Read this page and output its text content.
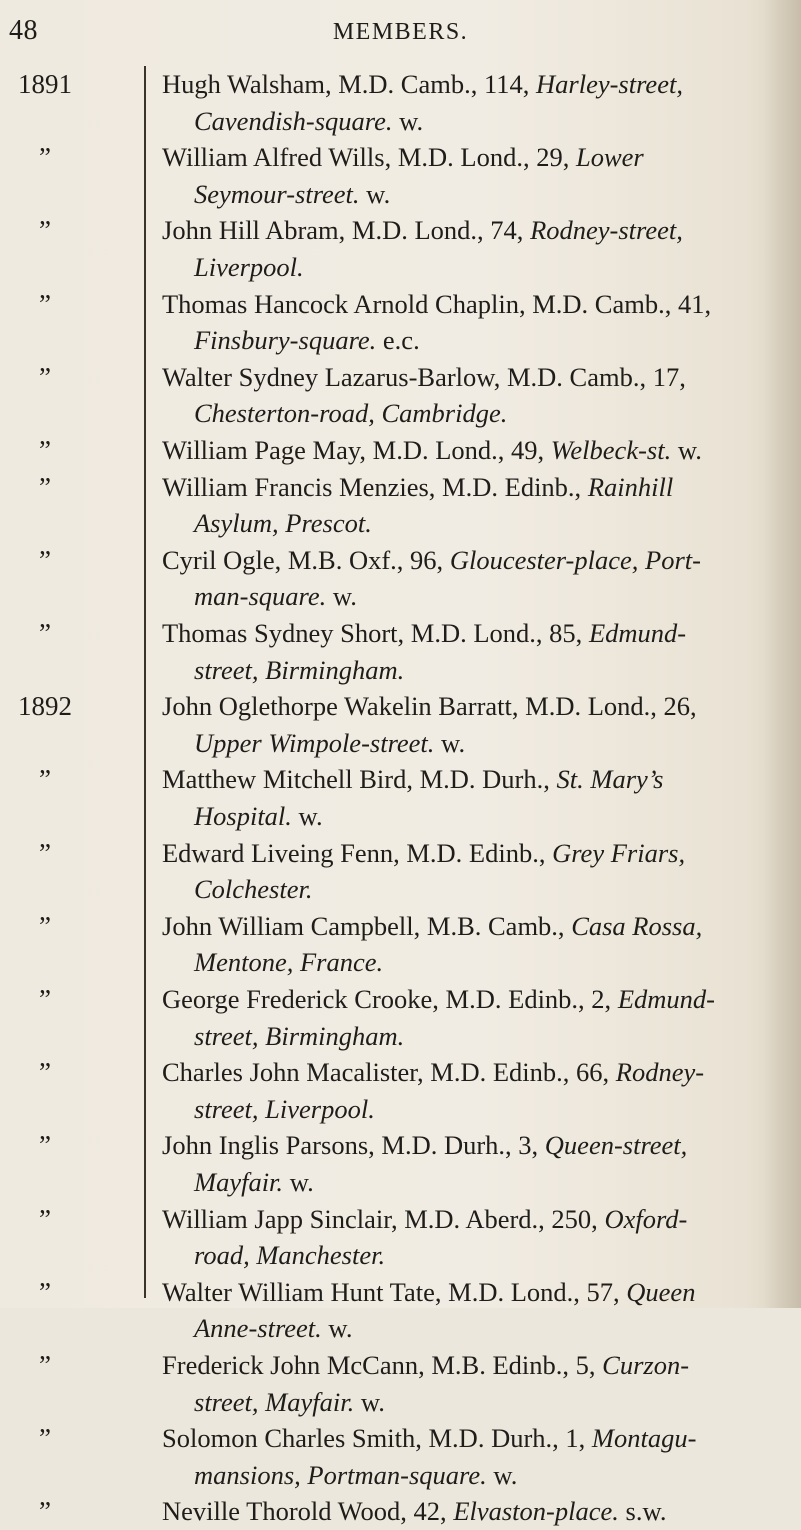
48	MEMBERS.
1891
”
”
”
”
”
”
”
”
1892
”
”
”
”
”
”
”
”
”
”
”
Hugh Walsham, M.D. Camb., 114, Harley-street,
Cavendish-square. w.
William Alfred Wills, M.D. Lond., 29, Lower
Seymour-street. w.
John Hill Abram, M.D. Lond., 74, Rodney-street,
Liverpool.
Thomas Hancock Arnold Chaplin, M.D. Camb., 41,
Finsbury-square. e.c.
Walter Sydney Lazarus-Barlow, M.D. Camb., 17,
Chesterton-road, Cambridge.
William Page May, M.D. Lond., 49, Welbeck-st. w.
William Francis Menzies, M.D. Edinb., Rainhill
Asylum, Prescot.
Cyril Ogle, M.B. Oxf., 96, Gloucester-place, Port-
man-square. w.
Thomas Sydney Short, M.D. Lond., 85, Edmund-
street, Birmingham.
John Oglethorpe Wakelin Barratt, M.D. Lond., 26,
Upper Wimpole-street. w.
Matthew Mitchell Bird, M.D. Durh., St. Mary’s
Hospital. w.
Edward Liveing Fenn, M.D. Edinb., Grey Friars,
Colchester.
John William Campbell, M.B. Camb., Casa Rossa,
Mentone, France.
George Frederick Crooke, M.D. Edinb., 2, Edmund-
street, Birmingham.
Charles John Macalister, M.D. Edinb., 66, Rodney-
street, Liverpool.
John Inglis Parsons, M.D. Durh., 3, Queen-street,
Mayfair. w.
William Japp Sinclair, M.D. Aberd., 250, Oxford-
road, Manchester.
Walter William Hunt Tate, M.D. Lond., 57, Queen
Anne-street. w.
Frederick John McCann, M.B. Edinb., 5, Curzon-
street, Mayfair. w.
Solomon Charles Smith, M.D. Durh., 1, Montagu-
mansions, Portman-square. w.
Neville Thorold Wood, 42, Elvaston-place. s.w.
